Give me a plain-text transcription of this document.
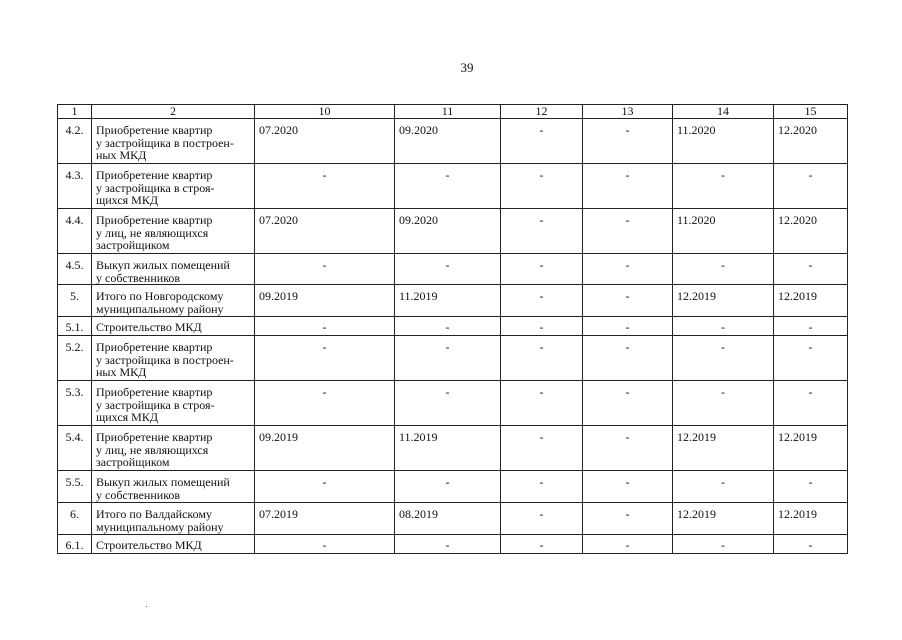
39
1	2	10	11	12	13	14	15
4.2.	Приобретение квартир
у застройщика в построен-
ных МКД	07.2020	09.2020	-	-	11.2020	12.2020
4.3.	Приобретение квартир
у застройщика в строя-
щихся МКД	-	-	-	-	-	-
4.4.	Приобретение квартир
у лиц, не являющихся
застройщиком	07.2020	09.2020	-	-	11.2020	12.2020
4.5.	Выкуп жилых помещений
у собственников	-	-	-	-	-	-
5.	Итого по Новгородскому
муниципальному району	09.2019	11.2019	-	-	12.2019	12.2019
5.1.	Строительство МКД	-	-	-	-	-	-
5.2.	Приобретение квартир
у застройщика в построен-
ных МКД	-	-	-	-	-	-
5.3.	Приобретение квартир
у застройщика в строя-
щихся МКД	-	-	-	-	-	-
5.4.	Приобретение квартир
у лиц, не являющихся
застройщиком	09.2019	11.2019	-	-	12.2019	12.2019
5.5.	Выкуп жилых помещений
у собственников	-	-	-	-	-	-
6.	Итого по Валдайскому
муниципальному району	07.2019	08.2019	-	-	12.2019	12.2019
6.1.	Строительство МКД	-	-	-	-	-	-
